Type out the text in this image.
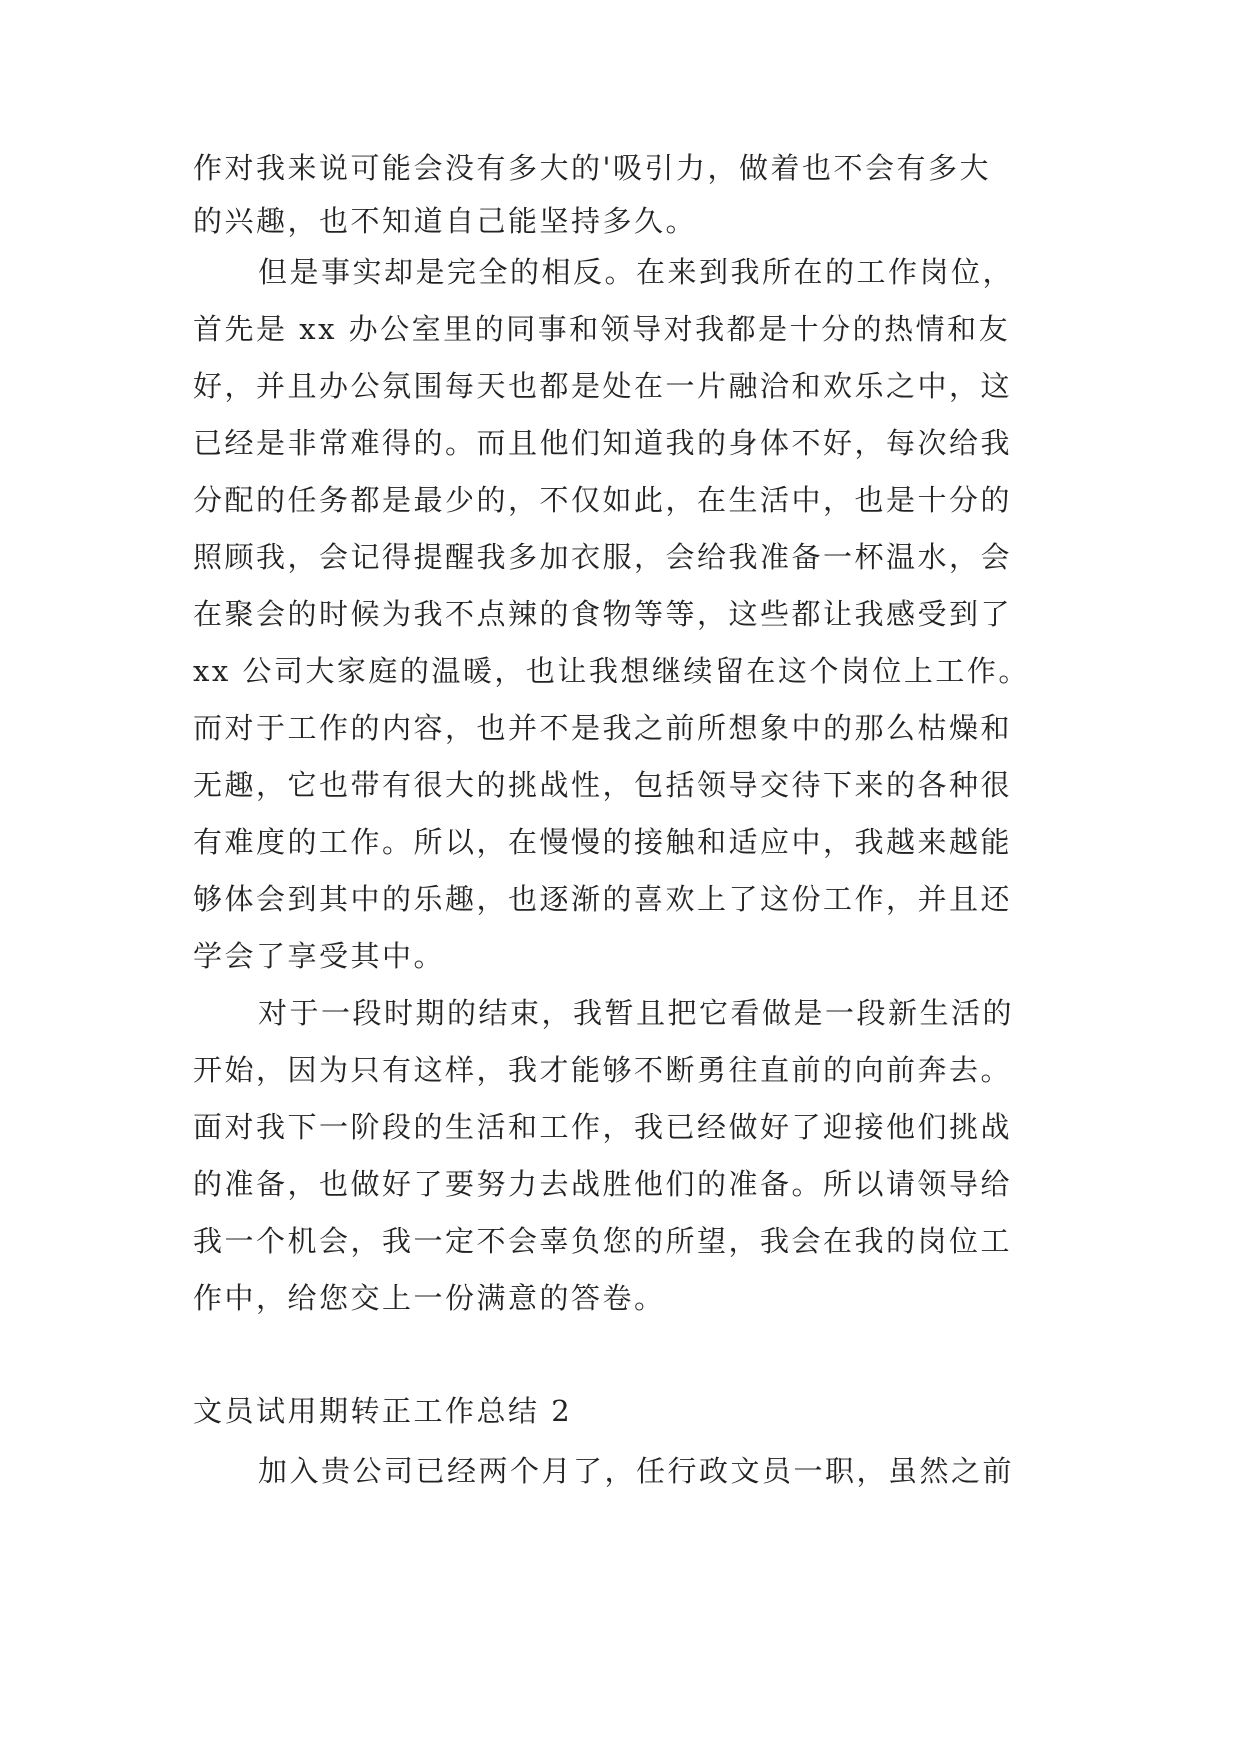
作对我来说可能会没有多大的'吸引力，做着也不会有多大
的兴趣，也不知道自己能坚持多久。
但是事实却是完全的相反。在来到我所在的工作岗位，
首先是 xx 办公室里的同事和领导对我都是十分的热情和友
好，并且办公氛围每天也都是处在一片融洽和欢乐之中，这
已经是非常难得的。而且他们知道我的身体不好，每次给我
分配的任务都是最少的，不仅如此，在生活中，也是十分的
照顾我，会记得提醒我多加衣服，会给我准备一杯温水，会
在聚会的时候为我不点辣的食物等等，这些都让我感受到了
xx 公司大家庭的温暖，也让我想继续留在这个岗位上工作。
而对于工作的内容，也并不是我之前所想象中的那么枯燥和
无趣，它也带有很大的挑战性，包括领导交待下来的各种很
有难度的工作。所以，在慢慢的接触和适应中，我越来越能
够体会到其中的乐趣，也逐渐的喜欢上了这份工作，并且还
学会了享受其中。
对于一段时期的结束，我暂且把它看做是一段新生活的
开始，因为只有这样，我才能够不断勇往直前的向前奔去。
面对我下一阶段的生活和工作，我已经做好了迎接他们挑战
的准备，也做好了要努力去战胜他们的准备。所以请领导给
我一个机会，我一定不会辜负您的所望，我会在我的岗位工
作中，给您交上一份满意的答卷。
文员试用期转正工作总结 2
加入贵公司已经两个月了，任行政文员一职，虽然之前
